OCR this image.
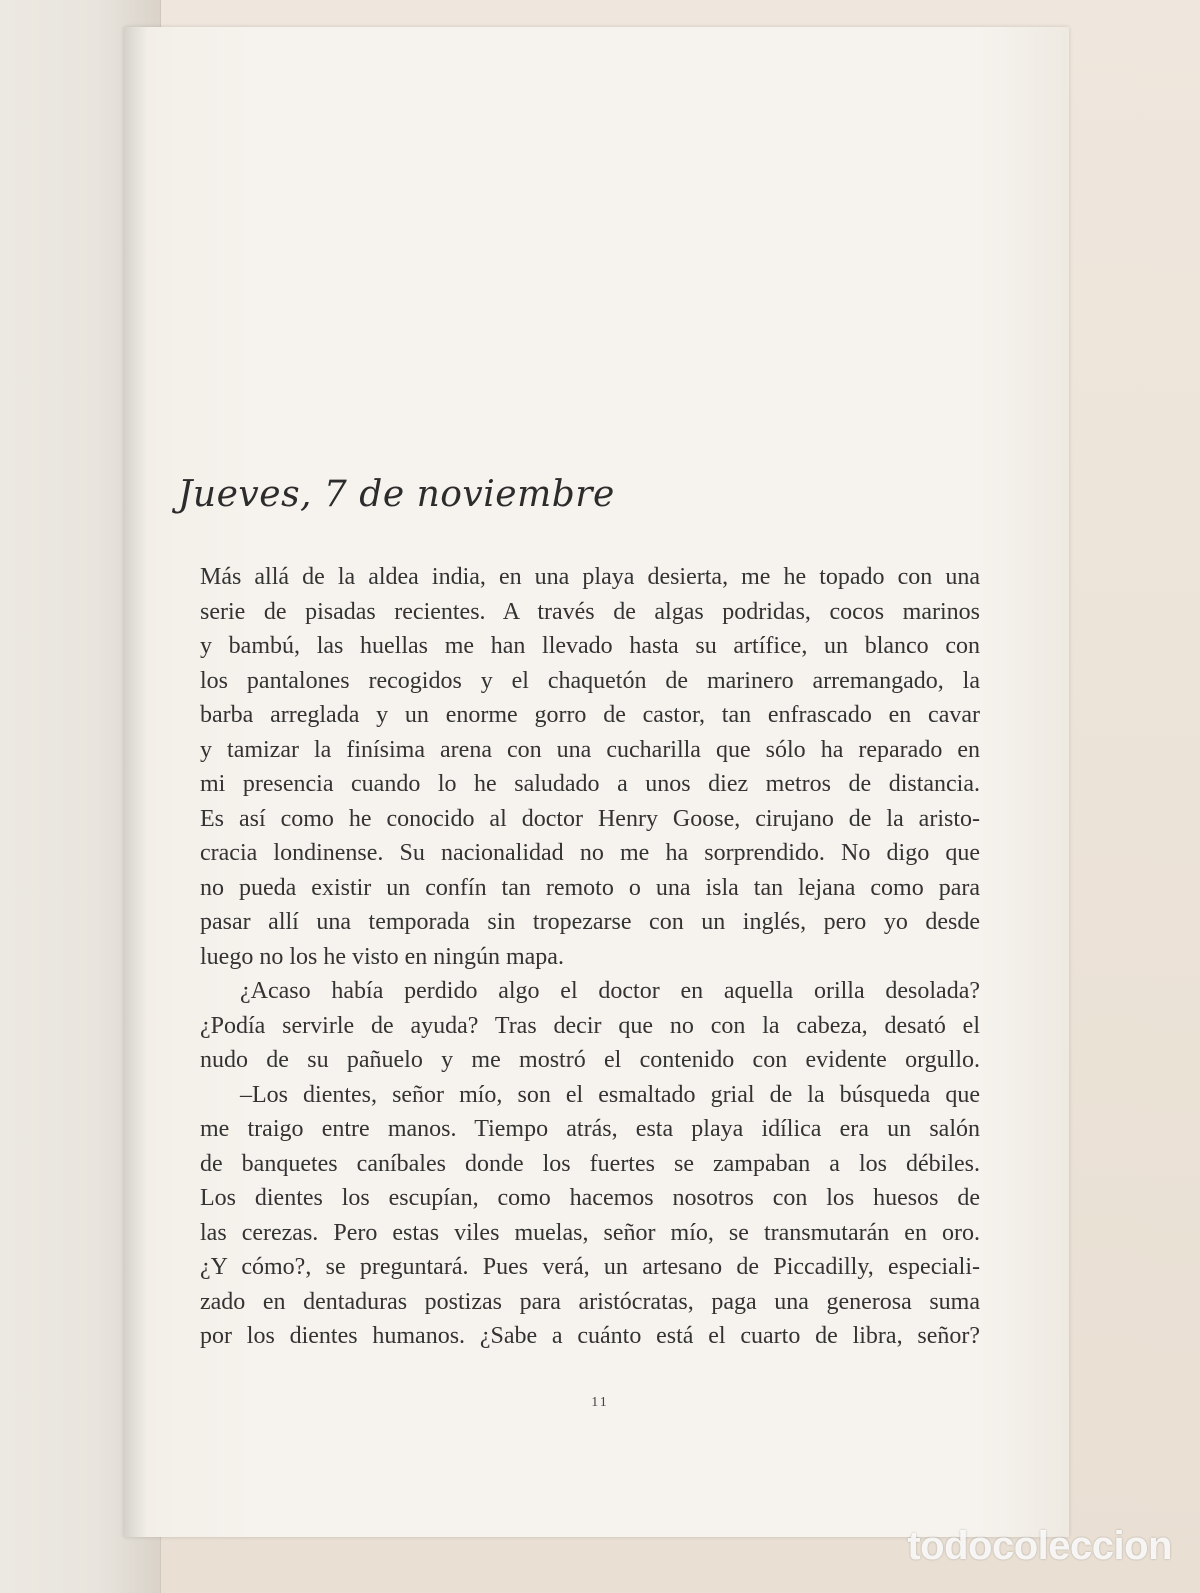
Jueves, 7 de noviembre
Más allá de la aldea india, en una playa desierta, me he topado con una
serie de pisadas recientes. A través de algas podridas, cocos marinos
y bambú, las huellas me han llevado hasta su artífice, un blanco con
los pantalones recogidos y el chaquetón de marinero arremangado, la
barba arreglada y un enorme gorro de castor, tan enfrascado en cavar
y tamizar la finísima arena con una cucharilla que sólo ha reparado en
mi presencia cuando lo he saludado a unos diez metros de distancia.
Es así como he conocido al doctor Henry Goose, cirujano de la aristo-
cracia londinense. Su nacionalidad no me ha sorprendido. No digo que
no pueda existir un confín tan remoto o una isla tan lejana como para
pasar allí una temporada sin tropezarse con un inglés, pero yo desde
luego no los he visto en ningún mapa.
¿Acaso había perdido algo el doctor en aquella orilla desolada?
¿Podía servirle de ayuda? Tras decir que no con la cabeza, desató el
nudo de su pañuelo y me mostró el contenido con evidente orgullo.
–Los dientes, señor mío, son el esmaltado grial de la búsqueda que
me traigo entre manos. Tiempo atrás, esta playa idílica era un salón
de banquetes caníbales donde los fuertes se zampaban a los débiles.
Los dientes los escupían, como hacemos nosotros con los huesos de
las cerezas. Pero estas viles muelas, señor mío, se transmutarán en oro.
¿Y cómo?, se preguntará. Pues verá, un artesano de Piccadilly, especiali-
zado en dentaduras postizas para aristócratas, paga una generosa suma
por los dientes humanos. ¿Sabe a cuánto está el cuarto de libra, señor?
11
todocoleccion
